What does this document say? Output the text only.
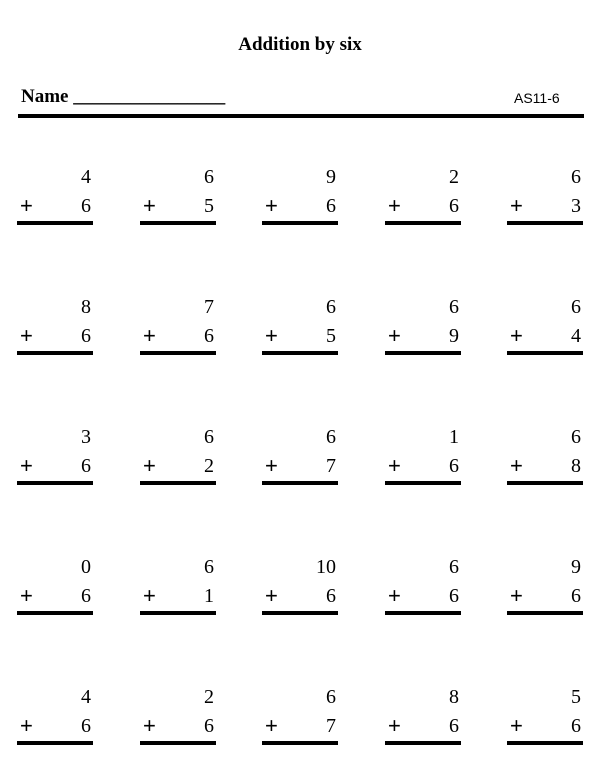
Addition by six
Name ________________	AS11-6
4
+ 6
6
+ 5
9
+ 6
2
+ 6
6
+ 3
8
+ 6
7
+ 6
6
+ 5
6
+ 9
6
+ 4
3
+ 6
6
+ 2
6
+ 7
1
+ 6
6
+ 8
0
+ 6
6
+ 1
10
+ 6
6
+ 6
9
+ 6
4
+ 6
2
+ 6
6
+ 7
8
+ 6
5
+ 6
